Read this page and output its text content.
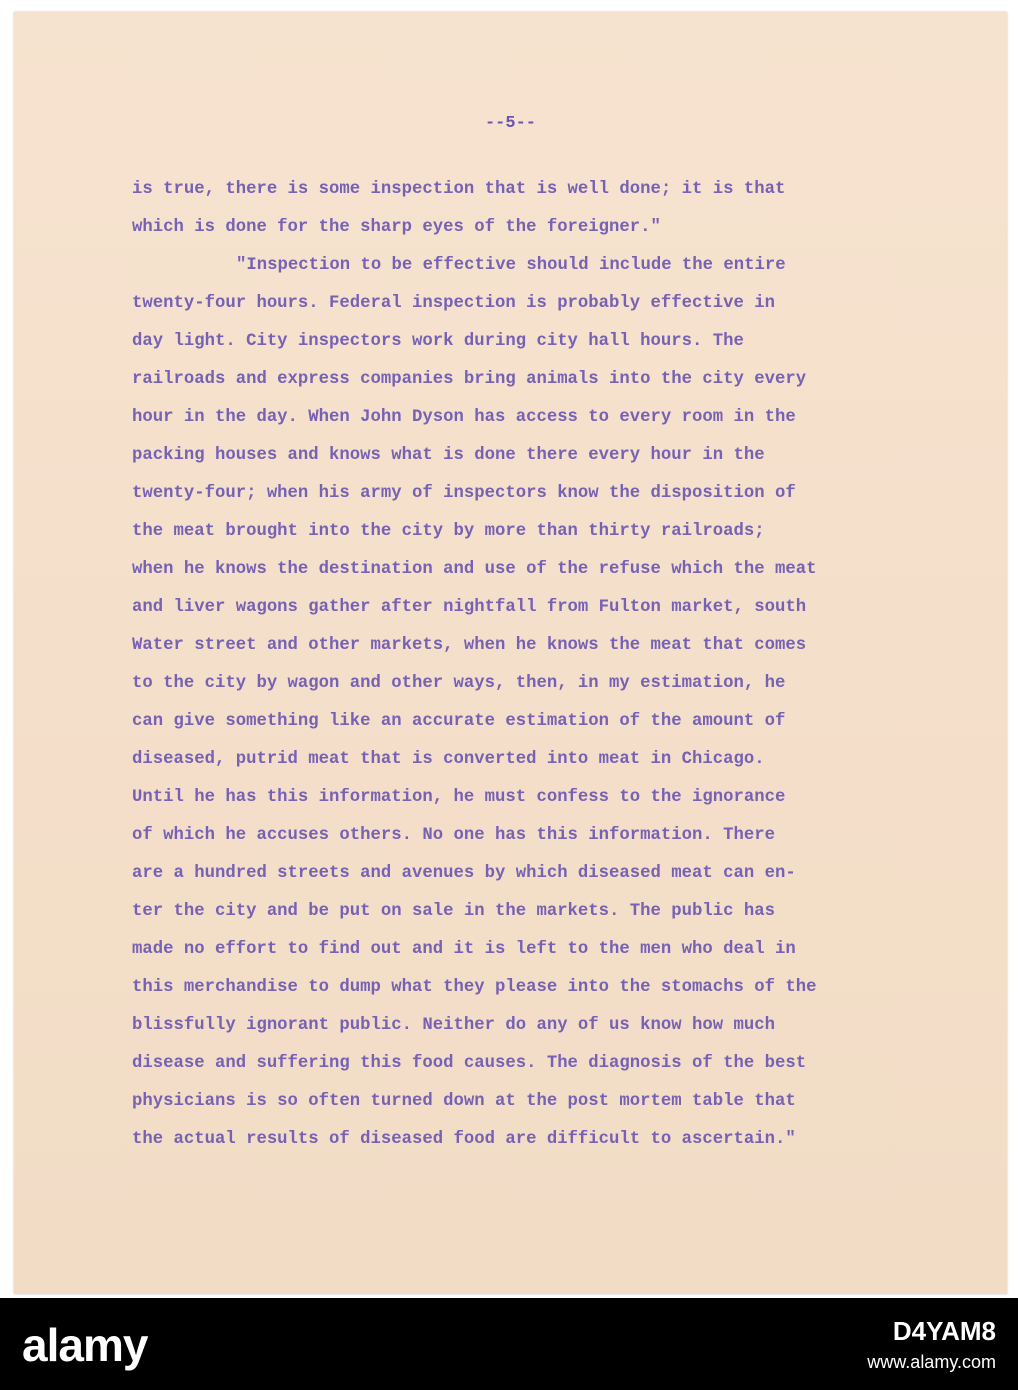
--5--

is true, there is some inspection that is well done; it is that

which is done for the sharp eyes of the foreigner."

"Inspection to be effective should include the entire

twenty-four hours. Federal inspection is probably effective in

day light. City inspectors work during city hall hours. The

railroads and express companies bring animals into the city every

hour in the day. When John Dyson has access to every room in the

packing houses and knows what is done there every hour in the

twenty-four; when his army of inspectors know the disposition of

the meat brought into the city by more than thirty railroads;

when he knows the destination and use of the refuse which the meat

and liver wagons gather after nightfall from Fulton market, south

Water street and other markets, when he knows the meat that comes

to the city by wagon and other ways, then, in my estimation, he

can give something like an accurate estimation of the amount of

diseased, putrid meat that is converted into meat in Chicago.

Until he has this information, he must confess to the ignorance

of which he accuses others. No one has this information. There

are a hundred streets and avenues by which diseased meat can en-

ter the city and be put on sale in the markets. The public has

made no effort to find out and it is left to the men who deal in

this merchandise to dump what they please into the stomachs of the

blissfully ignorant public. Neither do any of us know how much

disease and suffering this food causes. The diagnosis of the best

physicians is so often turned down at the post mortem table that

the actual results of diseased food are difficult to ascertain."

alamy	D4YAM8

www.alamy.com
